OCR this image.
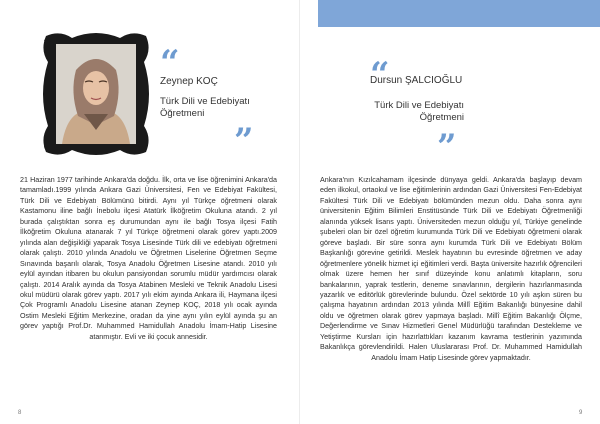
“
Zeynep KOÇ
Türk Dili ve Edebiyatı
Öğretmeni
”

21 Haziran 1977 tarihinde Ankara'da doğdu. İlk, orta ve lise öğrenimini Ankara'da tamamladı.1999 yılında Ankara Gazi Üniversitesi, Fen ve Edebiyat Fakültesi, Türk Dili ve Edebiyatı Bölümünü bitirdi. Aynı yıl Türkçe öğretmeni olarak Kastamonu iline bağlı İnebolu ilçesi Atatürk İlköğretim Okuluna atandı. 2 yıl burada çalıştıktan sonra eş durumundan aynı ile bağlı Tosya ilçesi Fatih İlköğretim Okuluna atanarak 7 yıl Türkçe öğretmeni olarak görev yaptı.2009 yılında alan değişikliği yaparak Tosya Lisesinde Türk dili ve edebiyatı öğretmeni olarak çalıştı. 2010 yılında Anadolu ve Öğretmen Liselerine Öğretmen Seçme Sınavında başarılı olarak, Tosya Anadolu Öğretmen Lisesine atandı. 2010 yılı eylül ayından itibaren bu okulun pansiyondan sorumlu müdür yardımcısı olarak çalıştı. 2014 Aralık ayında da Tosya Atabinen Mesleki ve Teknik Anadolu Lisesi okul müdürü olarak görev yaptı. 2017 yılı ekim ayında Ankara ili, Haymana ilçesi Çok Programlı Anadolu Lisesine atanan Zeynep KOÇ, 2018 yılı ocak ayında Ostim Mesleki Eğitim Merkezine, oradan da yine aynı yılın eylül ayında şu an görev yaptığı Prof.Dr. Muhammed Hamidullah Anadolu İmam-Hatip Lisesine atanmıştır. Evli ve iki çocuk annesidir.

8
“
Dursun ŞALCIOĞLU
Türk Dili ve Edebiyatı
Öğretmeni
”

Ankara'nın Kızılcahamam ilçesinde dünyaya geldi. Ankara'da başlayıp devam eden ilkokul, ortaokul ve lise eğitimlerinin ardından Gazi Üniversitesi Fen-Edebiyat Fakültesi Türk Dili ve Edebiyatı bölümünden mezun oldu. Daha sonra aynı üniversitenin Eğitim Bilimleri Enstitüsünde Türk Dili ve Edebiyatı Öğretmenliği alanında yüksek lisans yaptı. Üniversiteden mezun olduğu yıl, Türkiye genelinde şubeleri olan bir özel öğretim kurumunda Türk Dili ve Edebiyatı öğretmeni olarak göreve başladı. Bir süre sonra aynı kurumda Türk Dili ve Edebiyatı Bölüm Başkanlığı görevine getirildi. Meslek hayatının bu evresinde öğretmen ve aday öğretmenlere yönelik hizmet içi eğitimleri verdi. Başta üniversite hazırlık öğrencileri olmak üzere hemen her sınıf düzeyinde konu anlatımlı kitapların, soru bankalarının, yaprak testlerin, deneme sınavlarının, dergilerin hazırlanmasında yazarlık ve editörlük görevlerinde bulundu. Özel sektörde 10 yılı aşkın süren bu çalışma hayatının ardından 2013 yılında Millî Eğitim Bakanlığı bünyesine dahil oldu ve öğretmen olarak görev yapmaya başladı. Millî Eğitim Bakanlığı Ölçme, Değerlendirme ve Sınav Hizmetleri Genel Müdürlüğü tarafından Destekleme ve Yetiştirme Kursları için hazırlattıkları kazanım kavrama testlerinin yazımında Bakanlıkça görevlendirildi. Halen Uluslararası Prof. Dr. Muhammed Hamidullah Anadolu İmam Hatip Lisesinde görev yapmaktadır.

9
